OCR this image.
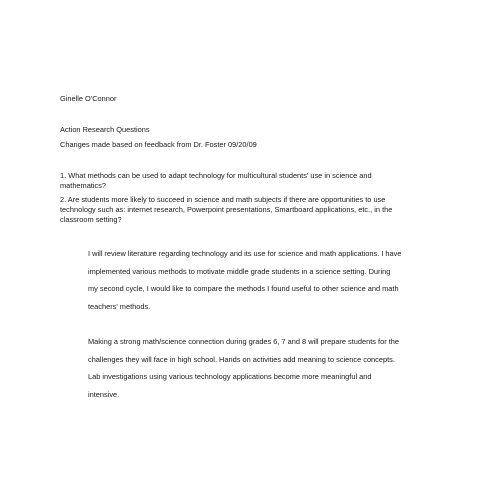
Ginelle O'Connor
Action Research Questions
Changes made based on feedback from Dr. Foster 09/20/09

1. What methods can be used to adapt technology for multicultural students' use in science and

mathematics?

2. Are students more likely to succeed in science and math subjects if there are opportunities to use

technology such as: internet research, Powerpoint presentations, Smartboard applications, etc., in the

classroom setting?

I will review literature regarding technology and its use for science and math applications. I have

implemented various methods to motivate middle grade students in a science setting. During

my second cycle, I would like to compare the methods I found useful to other science and math

teachers' methods.

Making a strong math/science connection during grades 6, 7 and 8 will prepare students for the

challenges they will face in high school. Hands on activities add meaning to science concepts.

Lab investigations using various technology applications become more meaningful and

intensive.
